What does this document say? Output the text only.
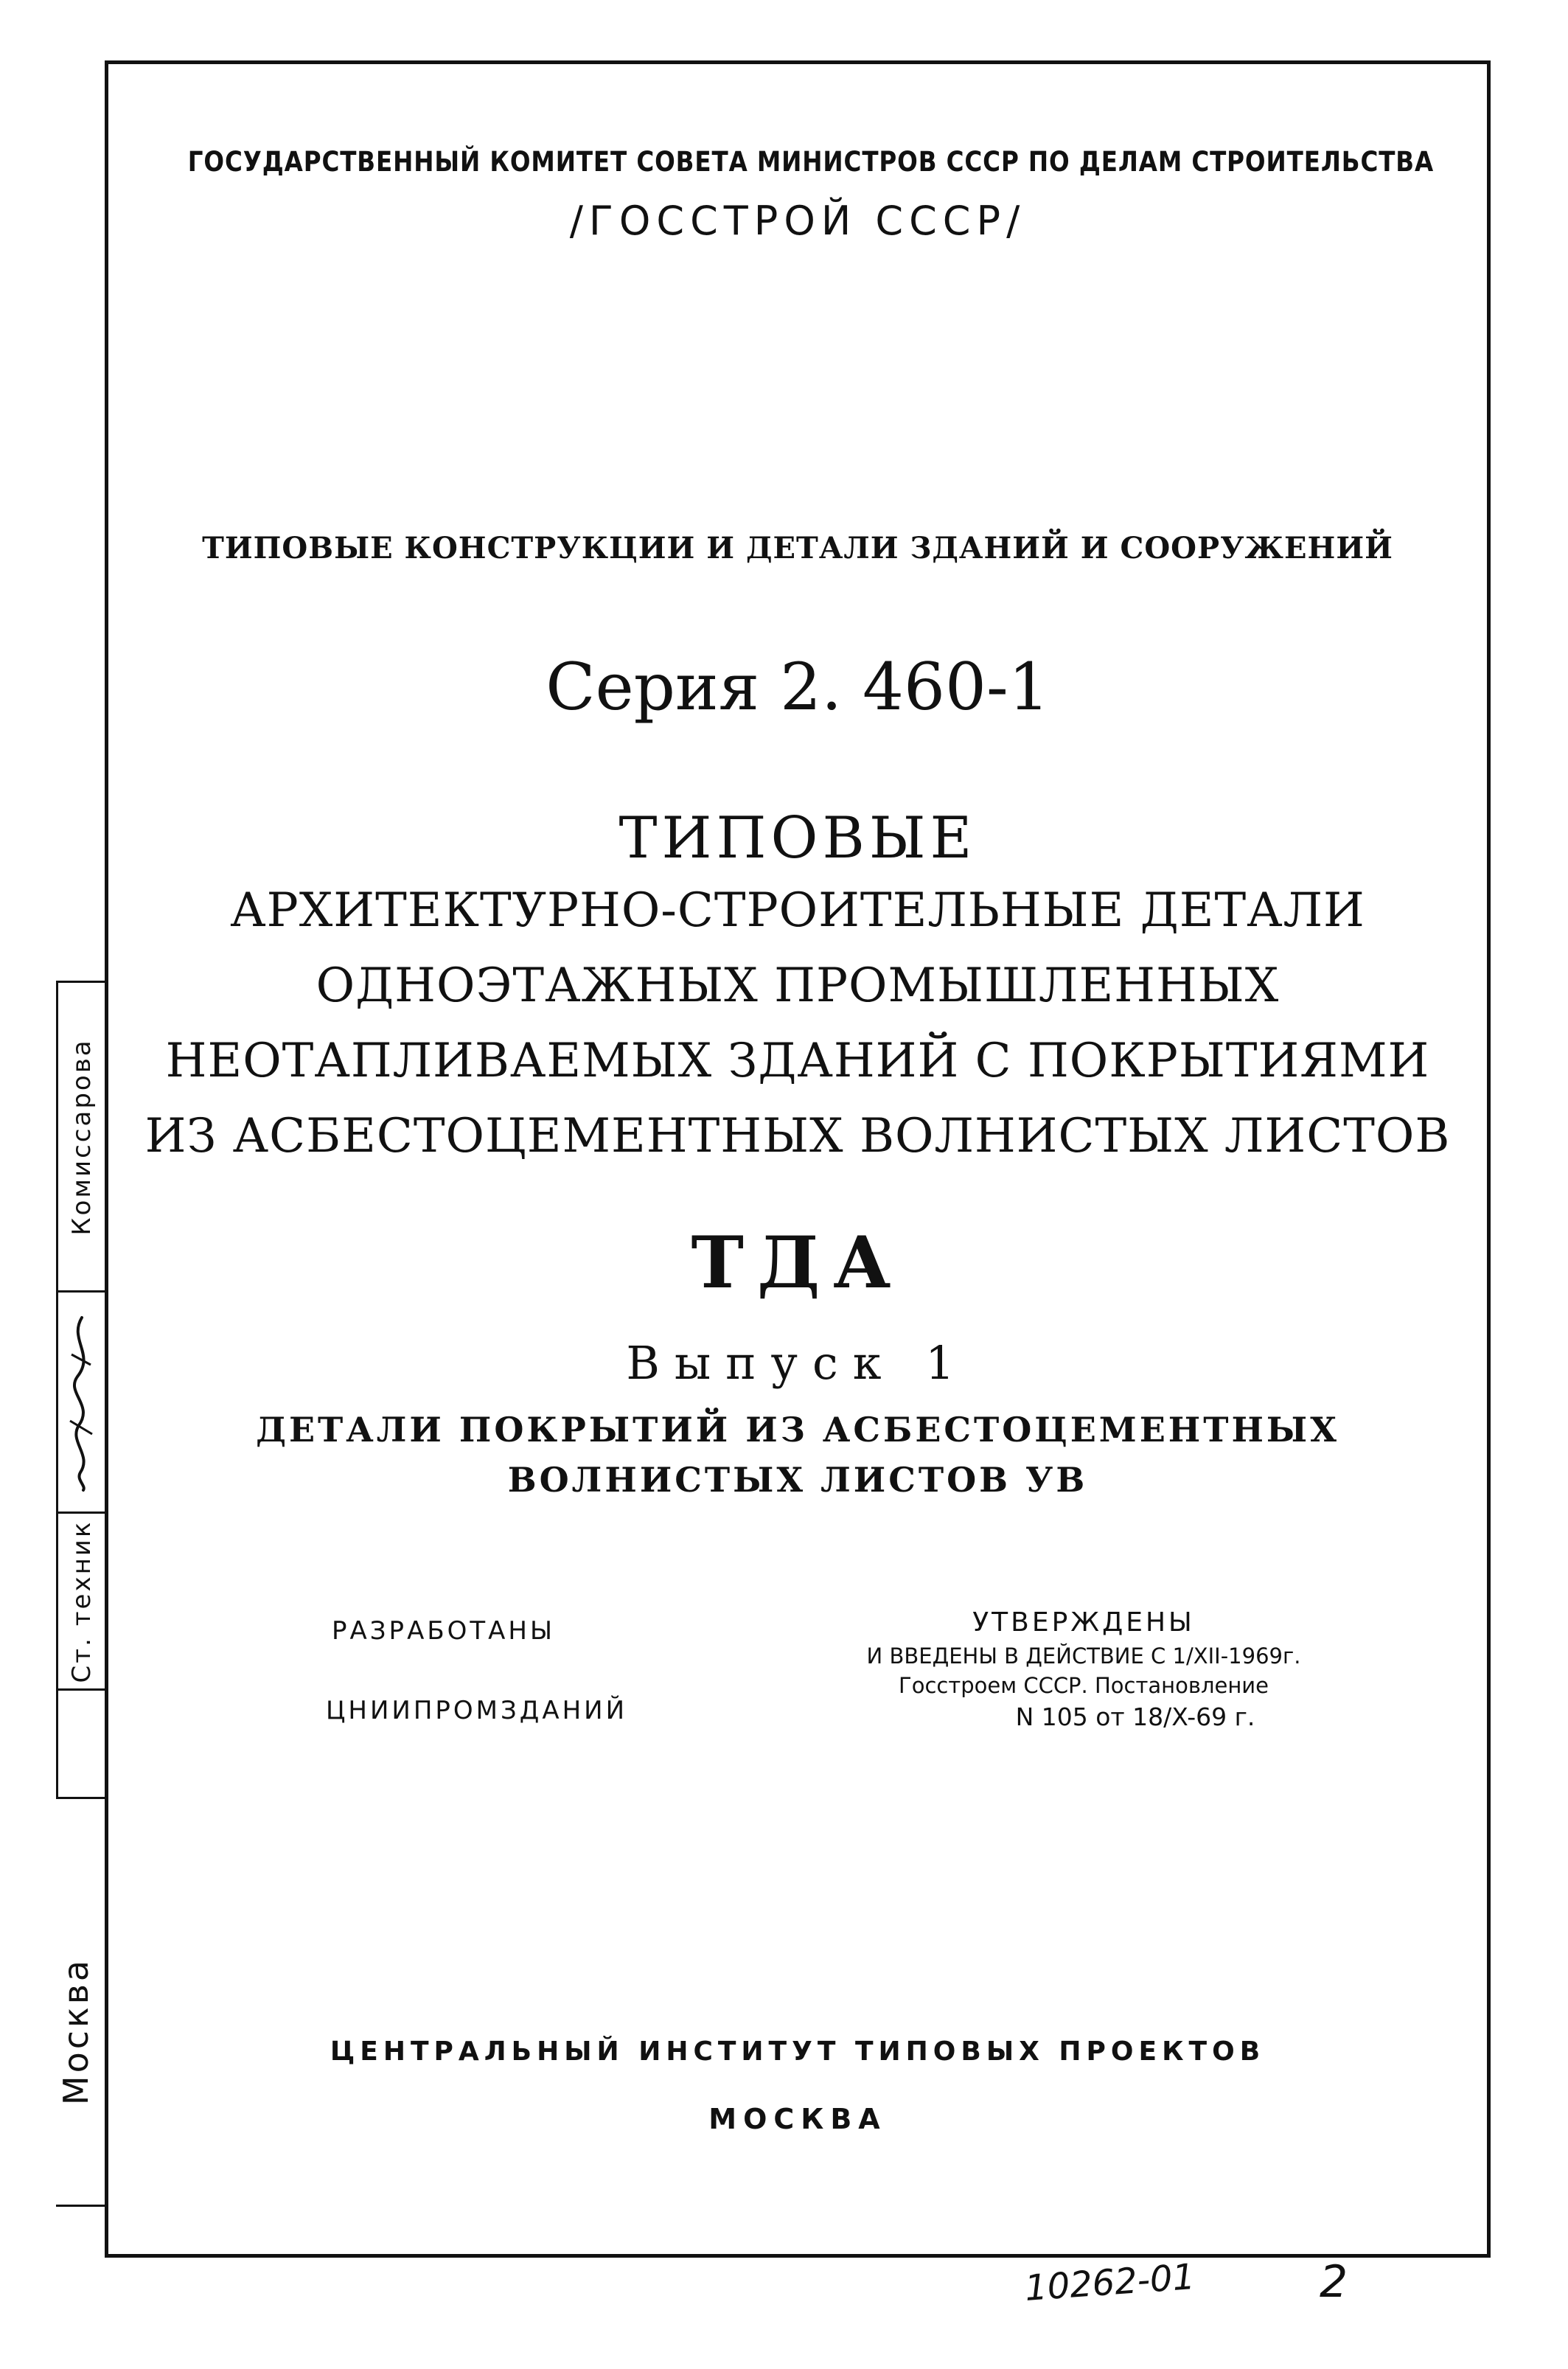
Комиссарова
Ст. техник
Москва
ГОСУДАРСТВЕННЫЙ КОМИТЕТ СОВЕТА МИНИСТРОВ СССР ПО ДЕЛАМ СТРОИТЕЛЬСТВА
/ГОССТРОЙ СССР/
ТИПОВЫЕ КОНСТРУКЦИИ И ДЕТАЛИ ЗДАНИЙ И СООРУЖЕНИЙ
Серия 2. 460-1
ТИПОВЫЕ
АРХИТЕКТУРНО-СТРОИТЕЛЬНЫЕ ДЕТАЛИ
ОДНОЭТАЖНЫХ ПРОМЫШЛЕННЫХ
НЕОТАПЛИВАЕМЫХ ЗДАНИЙ С ПОКРЫТИЯМИ
ИЗ АСБЕСТОЦЕМЕНТНЫХ ВОЛНИСТЫХ ЛИСТОВ
ТДА
Выпуск 1
ДЕТАЛИ ПОКРЫТИЙ ИЗ АСБЕСТОЦЕМЕНТНЫХ
ВОЛНИСТЫХ ЛИСТОВ УВ
РАЗРАБОТАНЫ
ЦНИИПРОМЗДАНИЙ
УТВЕРЖДЕНЫ
И ВВЕДЕНЫ В ДЕЙСТВИЕ С 1/XII-1969г.
Госстроем СССР. Постановление
N 105 от 18/X-69 г.
ЦЕНТРАЛЬНЫЙ ИНСТИТУТ ТИПОВЫХ ПРОЕКТОВ
МОСКВА
10262-01	2
